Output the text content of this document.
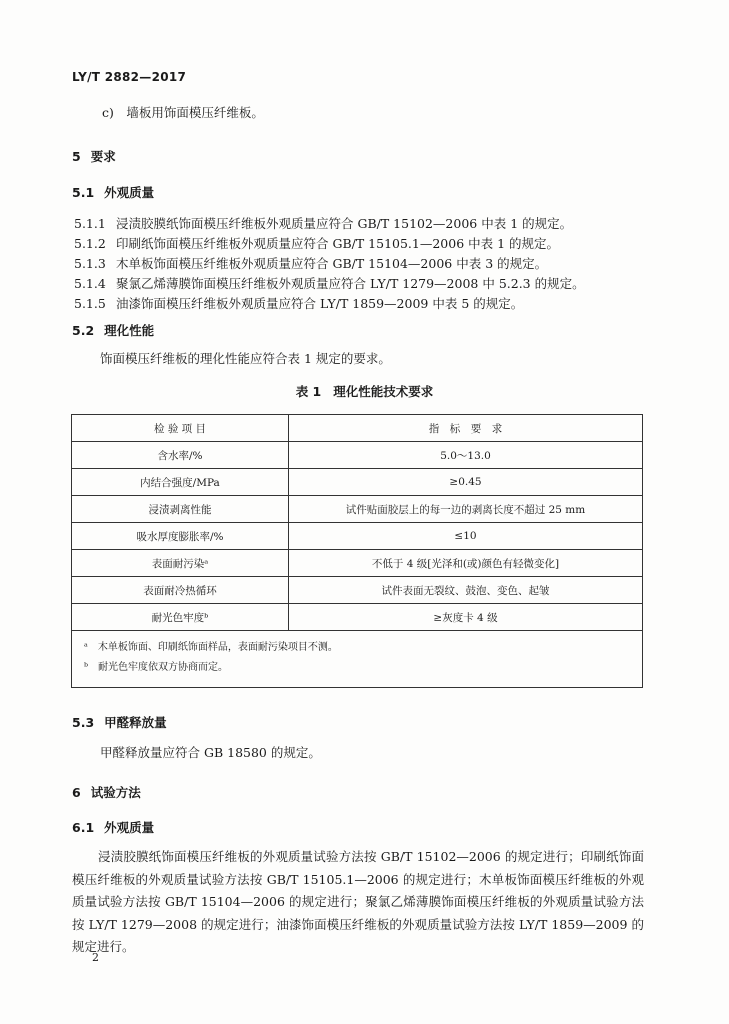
LY/T 2882—2017
c)　墙板用饰面模压纤维板。
5 要求
5.1 外观质量
5.1.1 浸渍胶膜纸饰面模压纤维板外观质量应符合 GB/T 15102—2006 中表 1 的规定。
5.1.2 印刷纸饰面模压纤维板外观质量应符合 GB/T 15105.1—2006 中表 1 的规定。
5.1.3 木单板饰面模压纤维板外观质量应符合 GB/T 15104—2006 中表 3 的规定。
5.1.4 聚氯乙烯薄膜饰面模压纤维板外观质量应符合 LY/T 1279—2008 中 5.2.3 的规定。
5.1.5 油漆饰面模压纤维板外观质量应符合 LY/T 1859—2009 中表 5 的规定。
5.2 理化性能
饰面模压纤维板的理化性能应符合表 1 规定的要求。
表 1 理化性能技术要求
检 验 项 目	指　标　要　求
含水率/%	5.0～13.0
内结合强度/MPa	≥0.45
浸渍剥离性能	试件贴面胶层上的每一边的剥离长度不超过 25 mm
吸水厚度膨胀率/%	≤10
表面耐污染ᵃ	不低于 4 级[光泽和(或)颜色有轻微变化]
表面耐冷热循环	试件表面无裂纹、鼓泡、变色、起皱
耐光色牢度ᵇ	≥灰度卡 4 级

ᵃ　木单板饰面、印刷纸饰面样品，表面耐污染项目不测。
ᵇ　耐光色牢度依双方协商而定。	
5.3 甲醛释放量
甲醛释放量应符合 GB 18580 的规定。
6 试验方法
6.1 外观质量
浸渍胶膜纸饰面模压纤维板的外观质量试验方法按 GB/T 15102—2006 的规定进行；印刷纸饰面模压纤维板的外观质量试验方法按 GB/T 15105.1—2006 的规定进行；木单板饰面模压纤维板的外观质量试验方法按 GB/T 15104—2006 的规定进行；聚氯乙烯薄膜饰面模压纤维板的外观质量试验方法按 LY/T 1279—2008 的规定进行；油漆饰面模压纤维板的外观质量试验方法按 LY/T 1859—2009 的规定进行。
2
